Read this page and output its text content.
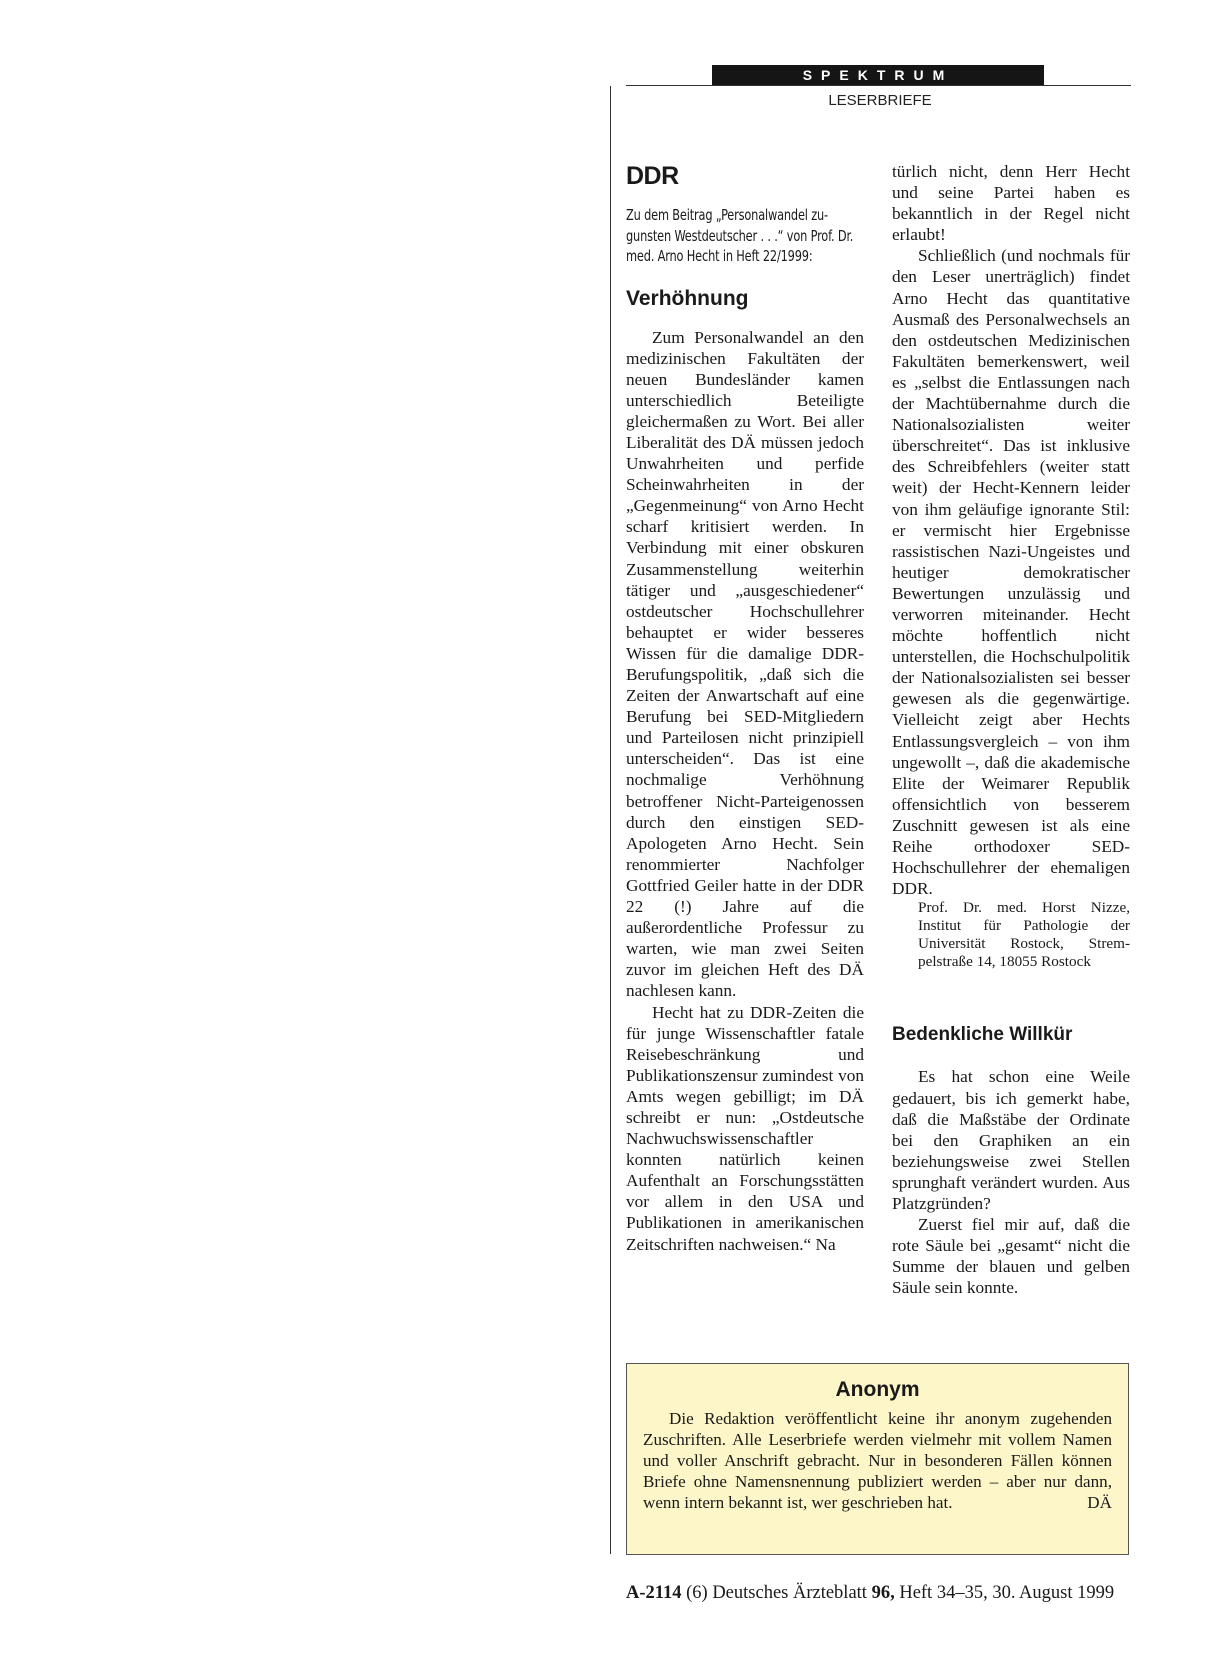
SPEKTRUM
LESERBRIEFE
DDR

Zu dem Beitrag „Personalwandel zugunsten Westdeutscher . . .“ von Prof. Dr. med. Arno Hecht in Heft 22/1999:

Verhöhnung

Zum Personalwandel an den medizinischen Fakultäten der neuen Bundesländer kamen unterschiedlich Beteiligte gleichermaßen zu Wort. Bei aller Liberalität des DÄ müssen jedoch Unwahrheiten und perfide Scheinwahrheiten in der „Gegenmeinung“ von Arno Hecht scharf kritisiert werden. In Verbindung mit einer obskuren Zusammenstellung weiterhin tätiger und „ausgeschiedener“ ostdeutscher Hochschullehrer behauptet er wider besseres Wissen für die damalige DDR-Berufungspolitik, „daß sich die Zeiten der Anwartschaft auf eine Berufung bei SED-Mitgliedern und Parteilosen nicht prinzipiell unterscheiden“. Das ist eine nochmalige Verhöhnung betroffener Nicht-Parteigenossen durch den einstigen SED-Apologeten Arno Hecht. Sein renommierter Nachfolger Gottfried Geiler hatte in der DDR 22 (!) Jahre auf die außerordentliche Professur zu warten, wie man zwei Seiten zuvor im gleichen Heft des DÄ nachlesen kann.

Hecht hat zu DDR-Zeiten die für junge Wissenschaftler fatale Reisebeschränkung und Publikationszensur zumindest von Amts wegen gebilligt; im DÄ schreibt er nun: „Ostdeutsche Nachwuchswissenschaftler konnten natürlich keinen Aufenthalt an Forschungsstätten vor allem in den USA und Publikationen in amerikanischen Zeitschriften nachweisen.“ Na

türlich nicht, denn Herr Hecht und seine Partei haben es bekanntlich in der Regel nicht erlaubt!

Schließlich (und nochmals für den Leser unerträglich) findet Arno Hecht das quantitative Ausmaß des Personalwechsels an den ostdeutschen Medizinischen Fakultäten bemerkenswert, weil es „selbst die Entlassungen nach der Machtübernahme durch die Nationalsozialisten weiter überschreitet“. Das ist inklusive des Schreibfehlers (weiter statt weit) der Hecht-Kennern leider von ihm geläufige ignorante Stil: er vermischt hier Ergebnisse rassistischen Nazi-Ungeistes und heutiger demokratischer Bewertungen unzulässig und verworren miteinander. Hecht möchte hoffentlich nicht unterstellen, die Hochschulpolitik der Nationalsozialisten sei besser gewesen als die gegenwärtige. Vielleicht zeigt aber Hechts Entlassungsvergleich – von ihm ungewollt –, daß die akademische Elite der Weimarer Republik offensichtlich von besserem Zuschnitt gewesen ist als eine Reihe orthodoxer SED-Hochschullehrer der ehemaligen DDR.

Prof. Dr. med. Horst Nizze, Institut für Pathologie der Universität Rostock, Strempelstraße 14, 18055 Rostock

Bedenkliche Willkür

Es hat schon eine Weile gedauert, bis ich gemerkt habe, daß die Maßstäbe der Ordinate bei den Graphiken an ein beziehungsweise zwei Stellen sprunghaft verändert wurden. Aus Platzgründen?

Zuerst fiel mir auf, daß die rote Säule bei „gesamt“ nicht die Summe der blauen und gelben Säule sein konnte.

Anonym

Die Redaktion veröffentlicht keine ihr anonym zugehenden Zuschriften. Alle Leserbriefe werden vielmehr mit vollem Namen und voller Anschrift gebracht. Nur in besonderen Fällen können Briefe ohne Namensnennung publiziert werden – aber nur dann, wenn intern bekannt ist, wer geschrieben hat.	DÄ

A-2114 (6) Deutsches Ärzteblatt 96, Heft 34–35, 30. August 1999
